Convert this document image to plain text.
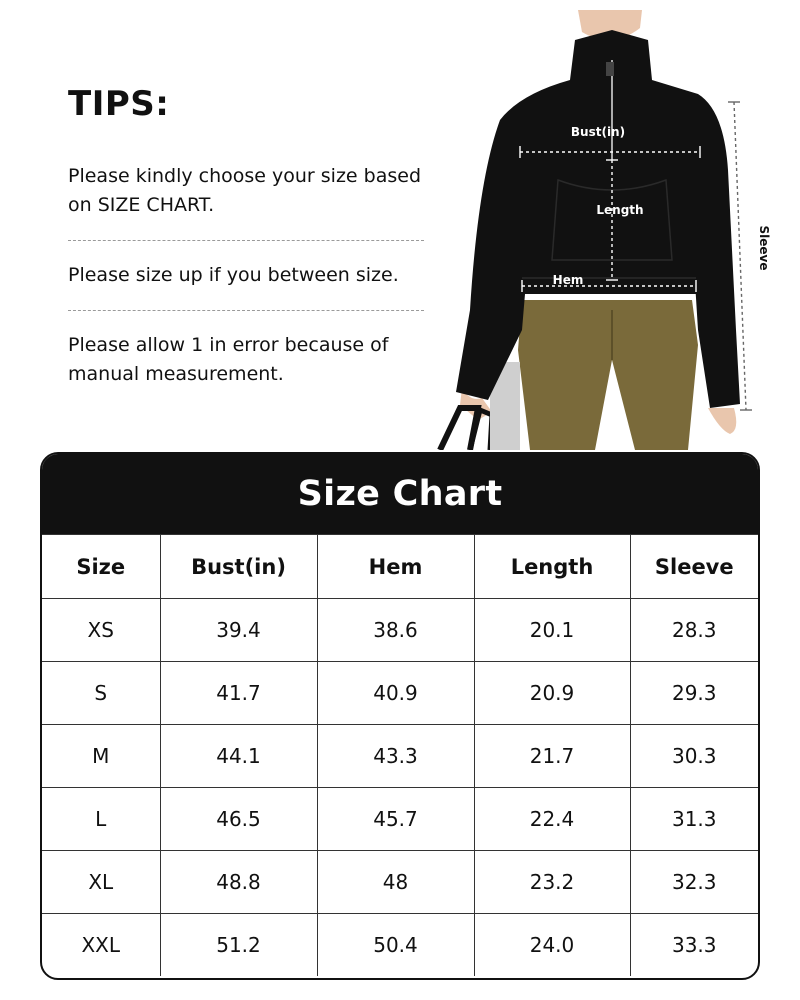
TIPS:
Please kindly choose your size based on SIZE CHART.
Please size up if you between size.
Please allow 1 in error because of manual measurement.
Bust(in)
Length
Hem
Sleeve
Size Chart
Size	Bust(in)	Hem	Length	Sleeve
XS	39.4	38.6	20.1	28.3
S	41.7	40.9	20.9	29.3
M	44.1	43.3	21.7	30.3
L	46.5	45.7	22.4	31.3
XL	48.8	48	23.2	32.3
XXL	51.2	50.4	24.0	33.3
